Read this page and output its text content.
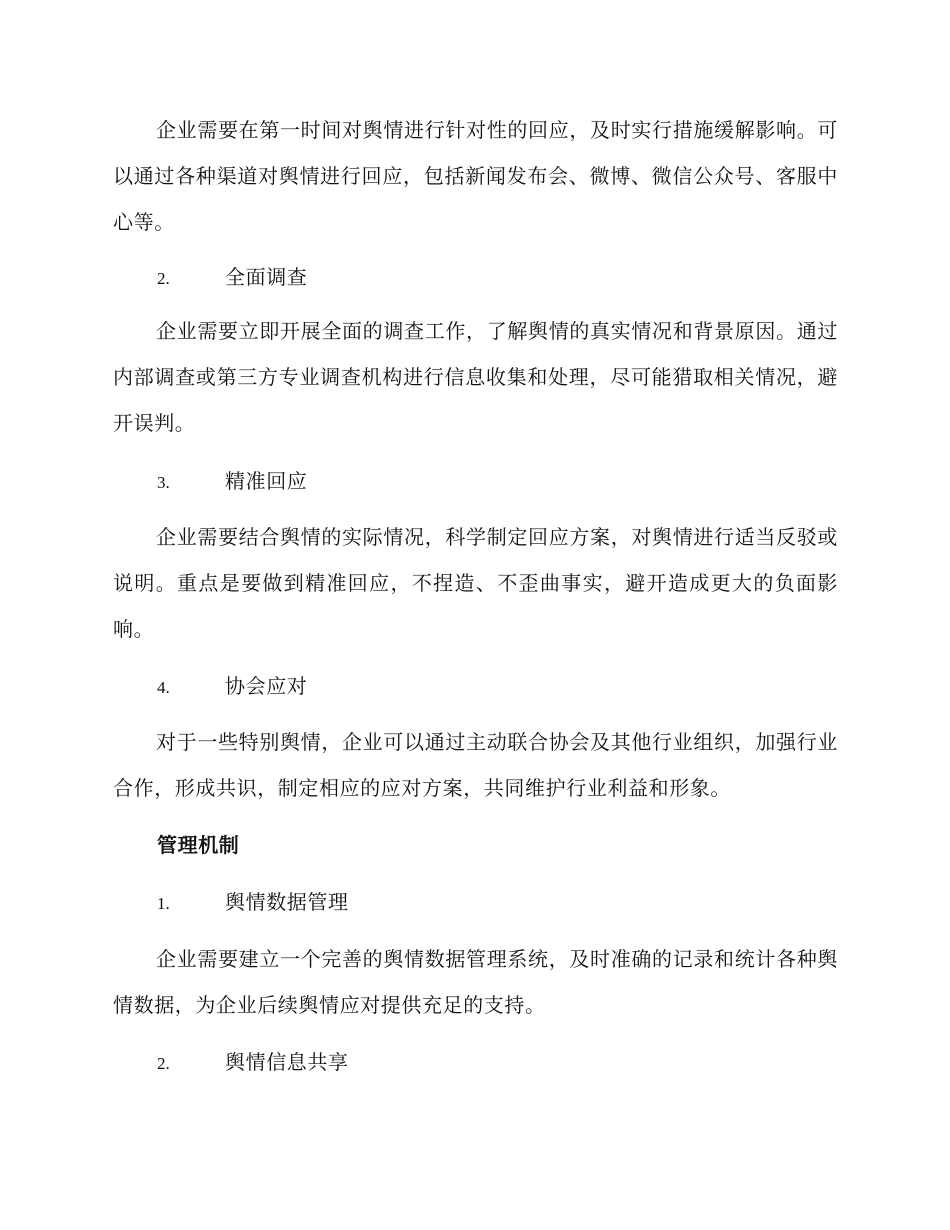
企业需要在第一时间对舆情进行针对性的回应，及时实行措施缓解影响。可以通过各种渠道对舆情进行回应，包括新闻发布会、微博、微信公众号、客服中心等。

2.	全面调查

企业需要立即开展全面的调查工作，了解舆情的真实情况和背景原因。通过内部调查或第三方专业调查机构进行信息收集和处理，尽可能猎取相关情况，避开误判。

3.	精准回应

企业需要结合舆情的实际情况，科学制定回应方案，对舆情进行适当反驳或说明。重点是要做到精准回应，不捏造、不歪曲事实，避开造成更大的负面影响。

4.	协会应对

对于一些特别舆情，企业可以通过主动联合协会及其他行业组织，加强行业合作，形成共识，制定相应的应对方案，共同维护行业利益和形象。

管理机制
1.	舆情数据管理

企业需要建立一个完善的舆情数据管理系统，及时准确的记录和统计各种舆情数据，为企业后续舆情应对提供充足的支持。

2.	舆情信息共享
